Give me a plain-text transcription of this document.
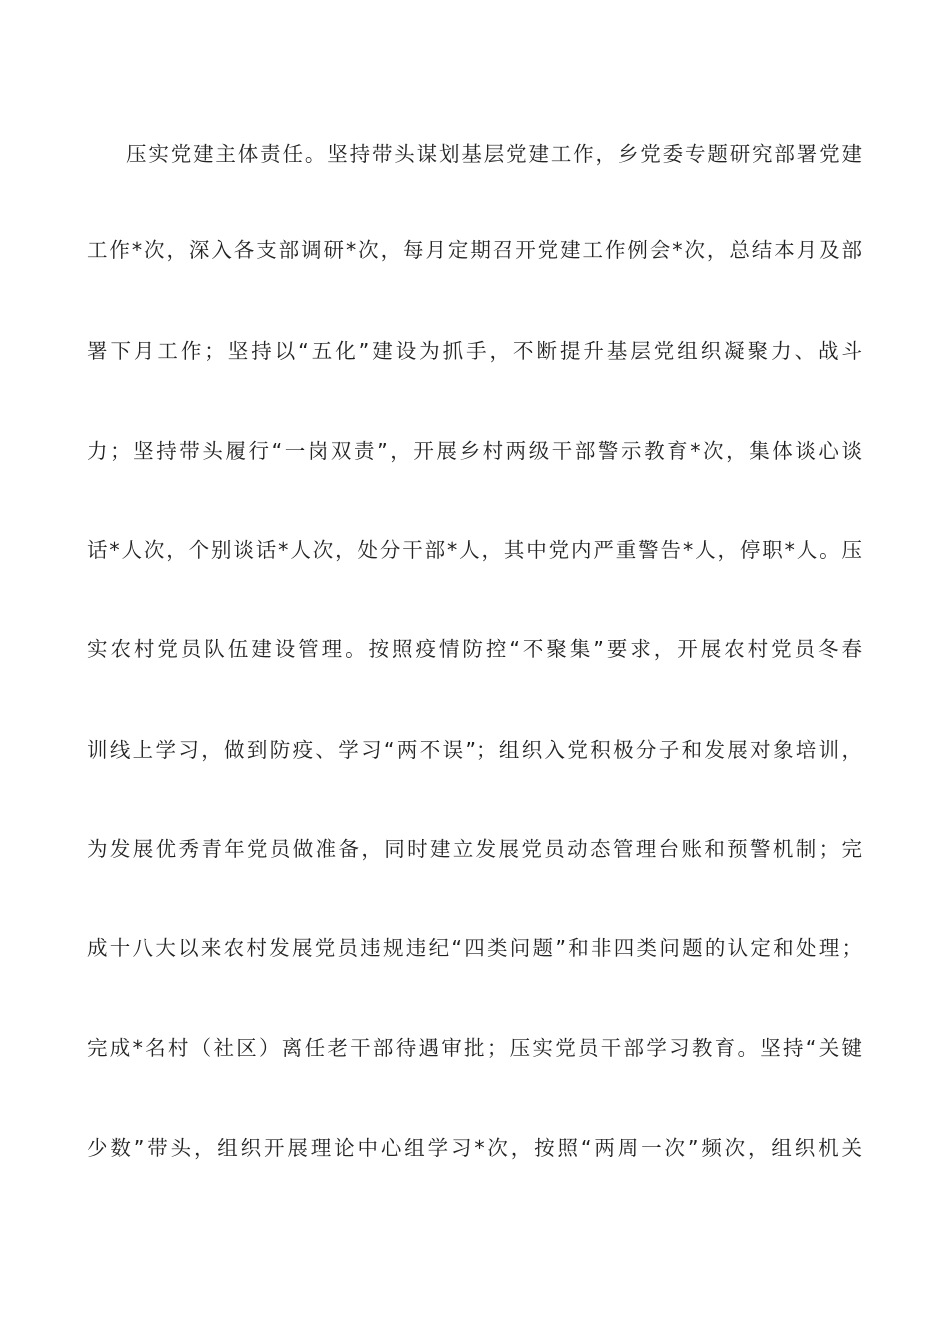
压实党建主体责任。坚持带头谋划基层党建工作，乡党委专题研究部署党建
工作*次，深入各支部调研*次，每月定期召开党建工作例会*次，总结本月及部
署下月工作；坚持以“五化”建设为抓手，不断提升基层党组织凝聚力、战斗
力；坚持带头履行“一岗双责”，开展乡村两级干部警示教育*次，集体谈心谈
话*人次，个别谈话*人次，处分干部*人，其中党内严重警告*人，停职*人。压
实农村党员队伍建设管理。按照疫情防控“不聚集”要求，开展农村党员冬春
训线上学习，做到防疫、学习“两不误”；组织入党积极分子和发展对象培训，
为发展优秀青年党员做准备，同时建立发展党员动态管理台账和预警机制；完
成十八大以来农村发展党员违规违纪“四类问题”和非四类问题的认定和处理；
完成*名村（社区）离任老干部待遇审批；压实党员干部学习教育。坚持“关键
少数”带头，组织开展理论中心组学习*次，按照“两周一次”频次，组织机关
